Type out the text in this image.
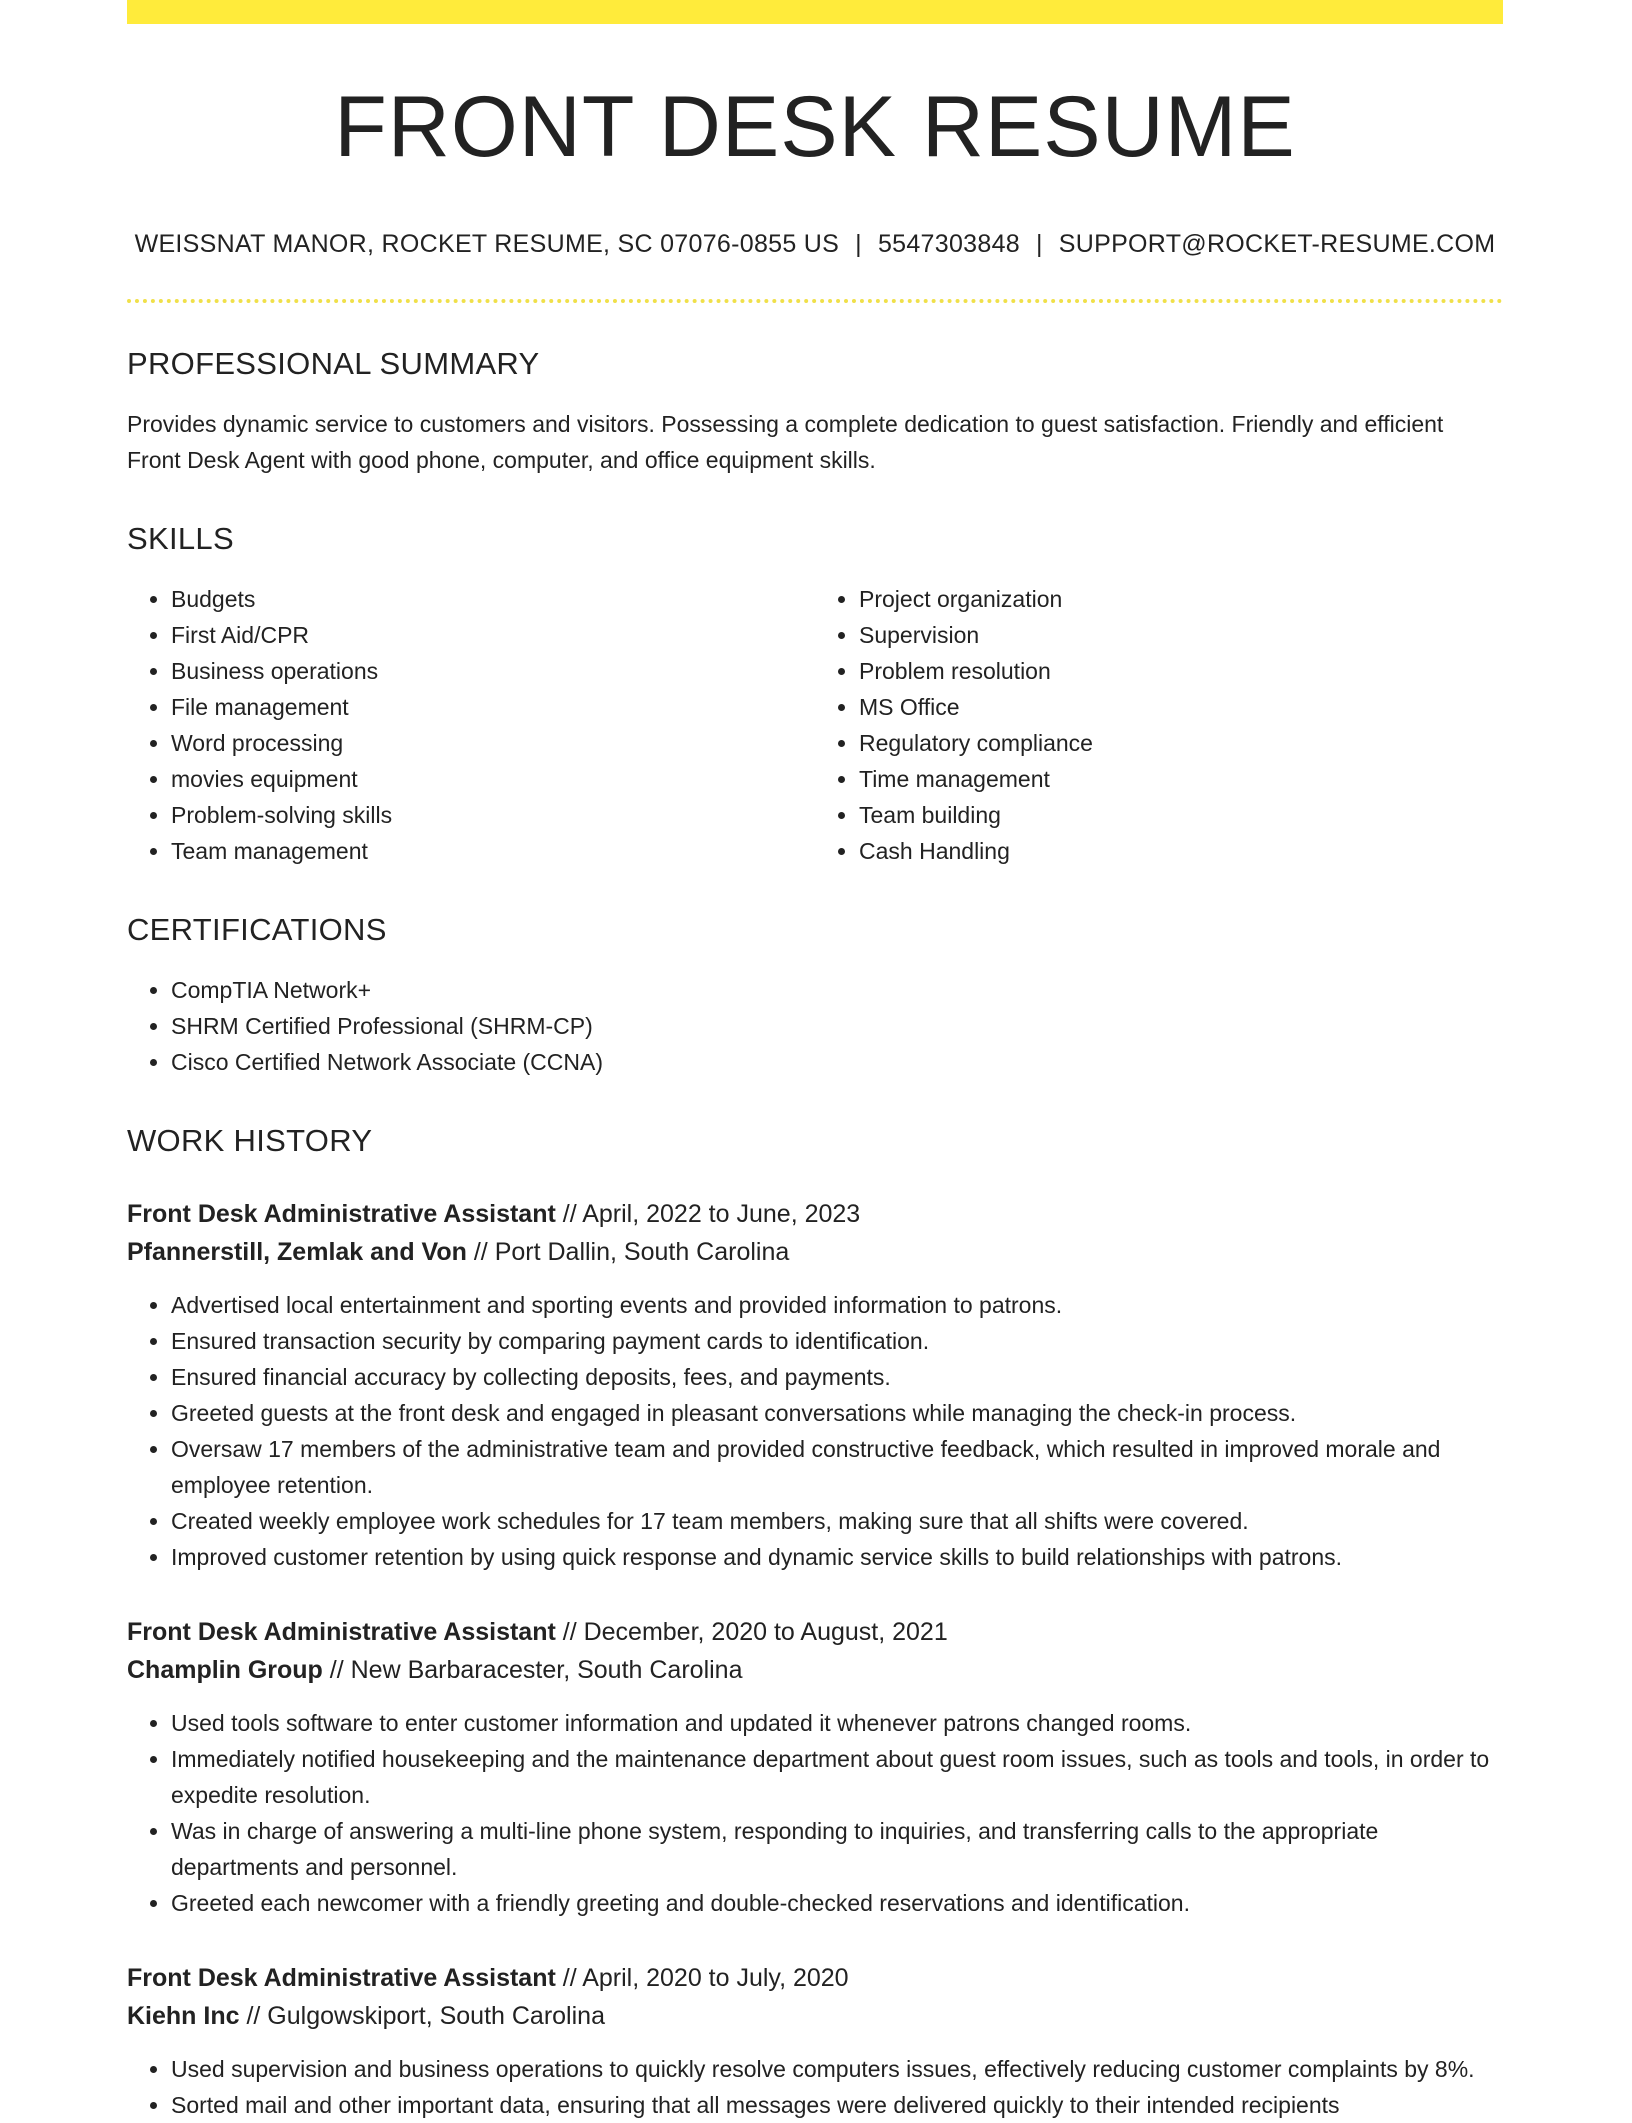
FRONT DESK RESUME
WEISSNAT MANOR, ROCKET RESUME, SC 07076-0855 US | 5547303848 | SUPPORT@ROCKET-RESUME.COM
PROFESSIONAL SUMMARY

Provides dynamic service to customers and visitors. Possessing a complete dedication to guest satisfaction. Friendly and efficient Front Desk Agent with good phone, computer, and office equipment skills.

SKILLS
• Budgets
• First Aid/CPR
• Business operations
• File management
• Word processing
• movies equipment
• Problem-solving skills
• Team management
• Project organization
• Supervision
• Problem resolution
• MS Office
• Regulatory compliance
• Time management
• Team building
• Cash Handling
CERTIFICATIONS
• CompTIA Network+
• SHRM Certified Professional (SHRM-CP)
• Cisco Certified Network Associate (CCNA)
WORK HISTORY
Front Desk Administrative Assistant // April, 2022 to June, 2023
Pfannerstill, Zemlak and Von // Port Dallin, South Carolina
• Advertised local entertainment and sporting events and provided information to patrons.
• Ensured transaction security by comparing payment cards to identification.
• Ensured financial accuracy by collecting deposits, fees, and payments.
• Greeted guests at the front desk and engaged in pleasant conversations while managing the check-in process.
• Oversaw 17 members of the administrative team and provided constructive feedback, which resulted in improved morale and employee retention.
• Created weekly employee work schedules for 17 team members, making sure that all shifts were covered.
• Improved customer retention by using quick response and dynamic service skills to build relationships with patrons.
Front Desk Administrative Assistant // December, 2020 to August, 2021
Champlin Group // New Barbaracester, South Carolina
• Used tools software to enter customer information and updated it whenever patrons changed rooms.
• Immediately notified housekeeping and the maintenance department about guest room issues, such as tools and tools, in order to expedite resolution.
• Was in charge of answering a multi-line phone system, responding to inquiries, and transferring calls to the appropriate departments and personnel.
• Greeted each newcomer with a friendly greeting and double-checked reservations and identification.
Front Desk Administrative Assistant // April, 2020 to July, 2020
Kiehn Inc // Gulgowskiport, South Carolina
• Used supervision and business operations to quickly resolve computers issues, effectively reducing customer complaints by 8%.
• Sorted mail and other important data, ensuring that all messages were delivered quickly to their intended recipients
